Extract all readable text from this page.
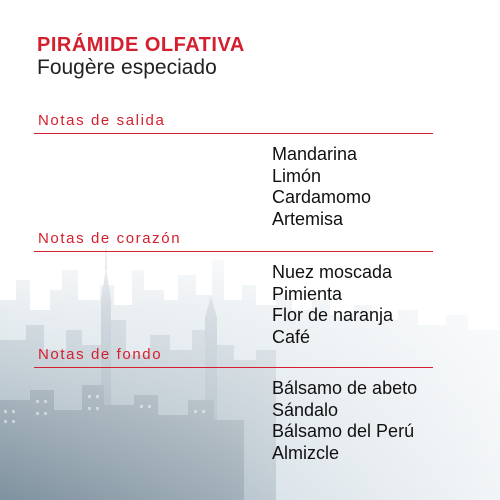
PIRÁMIDE OLFATIVA
Fougère especiado
Notas de salida
Mandarina
Limón
Cardamomo
Artemisa
Notas de corazón
Nuez moscada
Pimienta
Flor de naranja
Café
Notas de fondo
Bálsamo de abeto
Sándalo
Bálsamo del Perú
Almizcle
